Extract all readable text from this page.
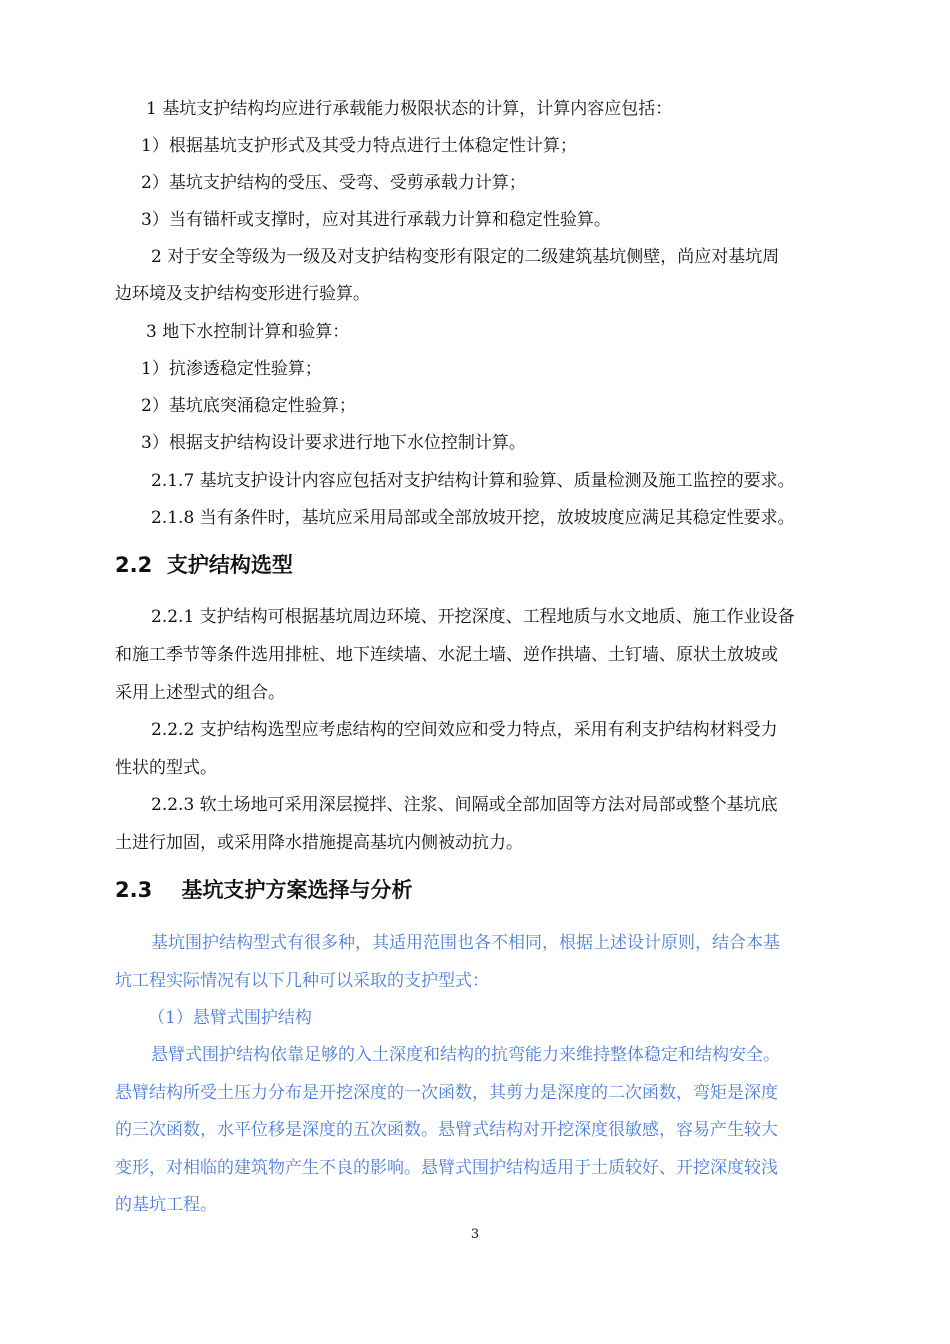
1 基坑支护结构均应进行承载能力极限状态的计算，计算内容应包括：

1）根据基坑支护形式及其受力特点进行土体稳定性计算；

2）基坑支护结构的受压、受弯、受剪承载力计算；

3）当有锚杆或支撑时，应对其进行承载力计算和稳定性验算。

2 对于安全等级为一级及对支护结构变形有限定的二级建筑基坑侧壁，尚应对基坑周

边环境及支护结构变形进行验算。

3 地下水控制计算和验算：

1）抗渗透稳定性验算；

2）基坑底突涌稳定性验算；

3）根据支护结构设计要求进行地下水位控制计算。

2.1.7 基坑支护设计内容应包括对支护结构计算和验算、质量检测及施工监控的要求。

2.1.8 当有条件时，基坑应采用局部或全部放坡开挖，放坡坡度应满足其稳定性要求。

2.2 支护结构选型

2.2.1 支护结构可根据基坑周边环境、开挖深度、工程地质与水文地质、施工作业设备

和施工季节等条件选用排桩、地下连续墙、水泥土墙、逆作拱墙、土钉墙、原状土放坡或

采用上述型式的组合。

2.2.2 支护结构选型应考虑结构的空间效应和受力特点，采用有利支护结构材料受力

性状的型式。

2.2.3 软土场地可采用深层搅拌、注浆、间隔或全部加固等方法对局部或整个基坑底

土进行加固，或采用降水措施提高基坑内侧被动抗力。

2.3 基坑支护方案选择与分析

基坑围护结构型式有很多种，其适用范围也各不相同，根据上述设计原则，结合本基

坑工程实际情况有以下几种可以采取的支护型式：

（1）悬臂式围护结构

悬臂式围护结构依靠足够的入土深度和结构的抗弯能力来维持整体稳定和结构安全。

悬臂结构所受土压力分布是开挖深度的一次函数，其剪力是深度的二次函数，弯矩是深度

的三次函数，水平位移是深度的五次函数。悬臂式结构对开挖深度很敏感，容易产生较大

变形，对相临的建筑物产生不良的影响。悬臂式围护结构适用于土质较好、开挖深度较浅

的基坑工程。

3
